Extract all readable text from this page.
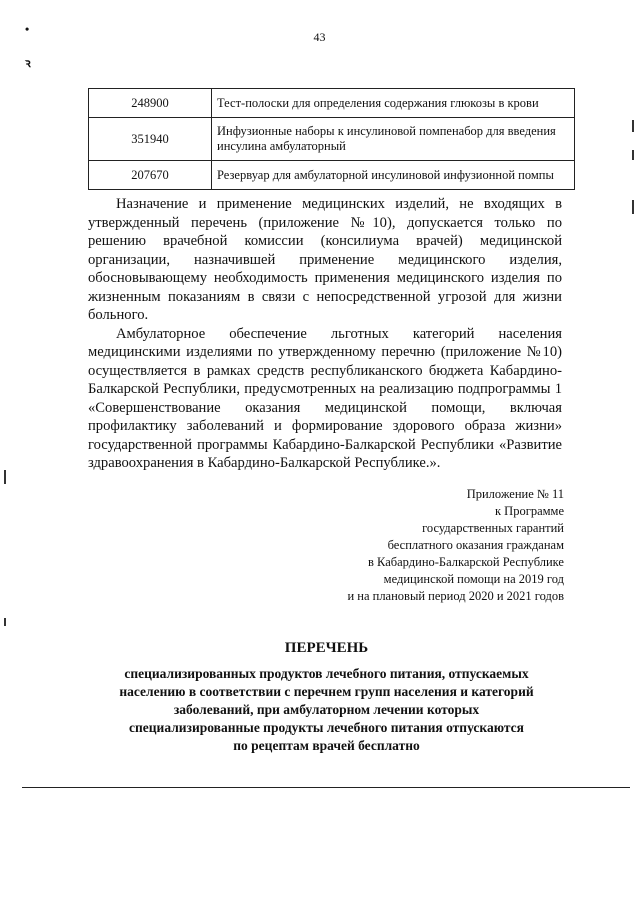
43
•
ꝛ
248900	Тест-полоски для определения содержания глюкозы в крови
351940	Инфузионные наборы к инсулиновой помпенабор для введения инсулина амбулаторный
207670	Резервуар для амбулаторной инсулиновой инфузионной помпы

Назначение и применение медицинских изделий, не входящих в утвержденный перечень (приложение №10), допускается только по решению врачебной комиссии (консилиума врачей) медицинской организации, назначившей применение медицинского изделия, обосновывающему необходимость применения медицинского изделия по жизненным показаниям в связи с непосредственной угрозой для жизни больного.

Амбулаторное обеспечение льготных категорий населения медицинскими изделиями по утвержденному перечню (приложение №10) осуществляется в рамках средств республиканского бюджета Кабардино-Балкарской Республики, предусмотренных на реализацию подпрограммы 1 «Совершенствование оказания медицинской помощи, включая профилактику заболеваний и формирование здорового образа жизни» государственной программы Кабардино-Балкарской Республики «Развитие здравоохранения в Кабардино-Балкарской Республике.».

Приложение № 11
к Программе
государственных гарантий
бесплатного оказания гражданам
в Кабардино-Балкарской Республике
медицинской помощи на 2019 год
и на плановый период 2020 и 2021 годов
ПЕРЕЧЕНЬ
специализированных продуктов лечебного питания, отпускаемых
населению в соответствии с перечнем групп населения и категорий
заболеваний, при амбулаторном лечении которых
специализированные продукты лечебного питания отпускаются
по рецептам врачей бесплатно
